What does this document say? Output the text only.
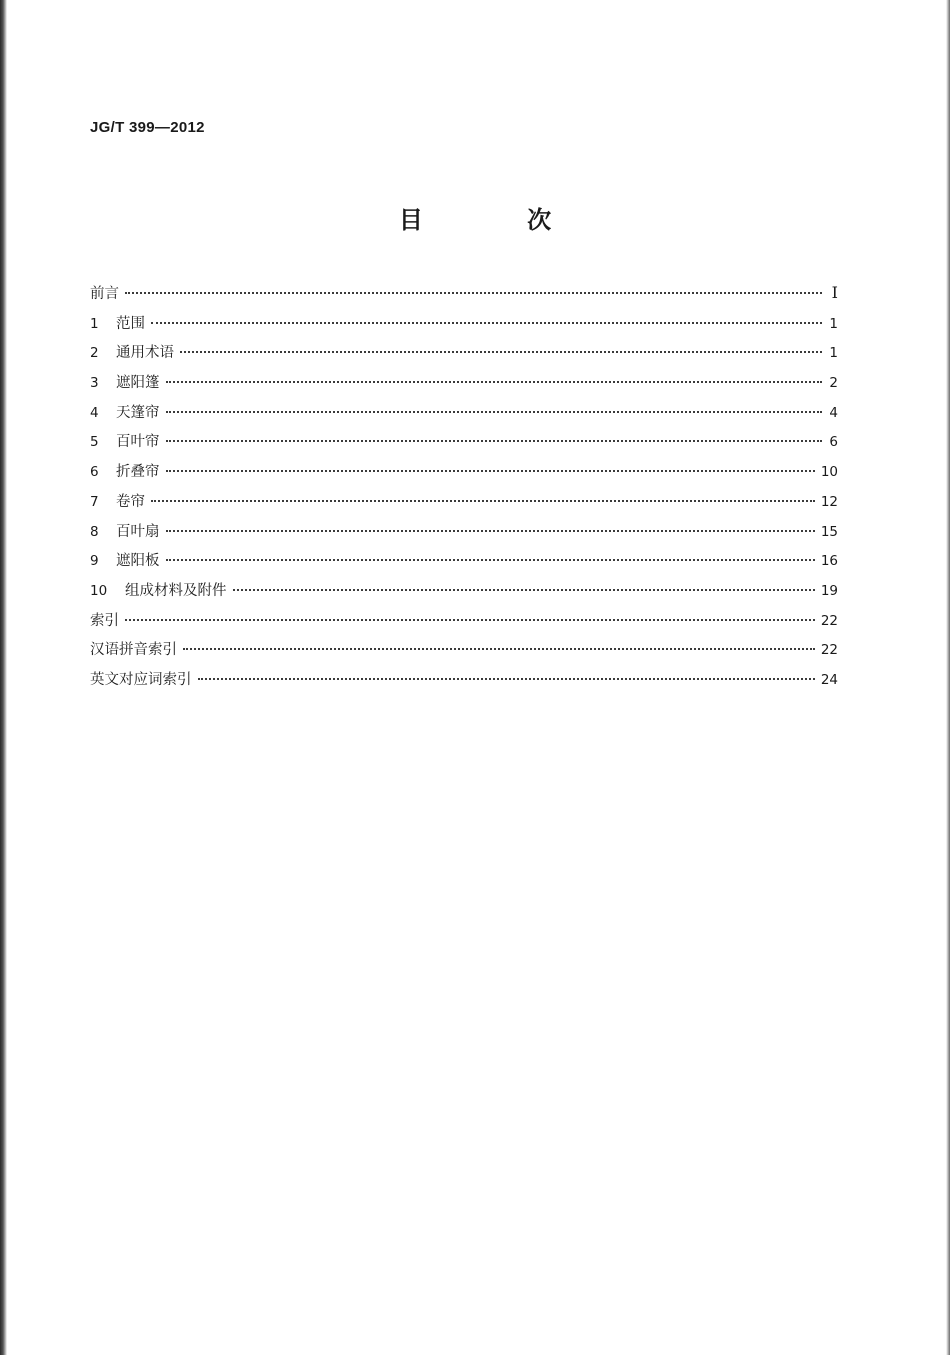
JG/T 399—2012
目 次
前言	Ⅰ
1	范围	1
2	通用术语	1
3	遮阳篷	2
4	天篷帘	4
5	百叶帘	6
6	折叠帘	10
7	卷帘	12
8	百叶扇	15
9	遮阳板	16
10	组成材料及附件	19
索引	22
汉语拼音索引	22
英文对应词索引	24
